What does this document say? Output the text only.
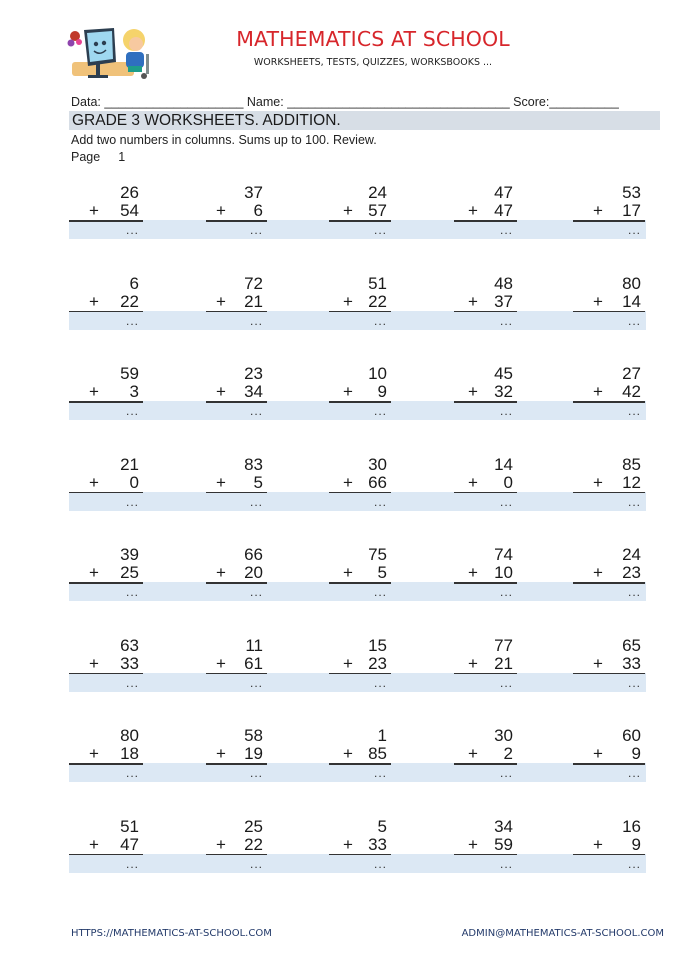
MATHEMATICS AT SCHOOL
WORKSHEETS, TESTS, QUIZZES, WORKSBOOKS ...
Data: ____________________ Name: ________________________________ Score:__________
GRADE 3 WORKSHEETS. ADDITION.
Add two numbers in columns. Sums up to 100. Review.
Page 1
26
+ 54
...
37
+ 6
...
24
+ 57
...
47
+ 47
...
53
+ 17
...
6
+ 22
...
72
+ 21
...
51
+ 22
...
48
+ 37
...
80
+ 14
...
59
+ 3
...
23
+ 34
...
10
+ 9
...
45
+ 32
...
27
+ 42
...
21
+ 0
...
83
+ 5
...
30
+ 66
...
14
+ 0
...
85
+ 12
...
39
+ 25
...
66
+ 20
...
75
+ 5
...
74
+ 10
...
24
+ 23
...
63
+ 33
...
11
+ 61
...
15
+ 23
...
77
+ 21
...
65
+ 33
...
80
+ 18
...
58
+ 19
...
1
+ 85
...
30
+ 2
...
60
+ 9
...
51
+ 47
...
25
+ 22
...
5
+ 33
...
34
+ 59
...
16
+ 9
...
HTTPS://MATHEMATICS-AT-SCHOOL.COM	ADMIN@MATHEMATICS-AT-SCHOOL.COM
